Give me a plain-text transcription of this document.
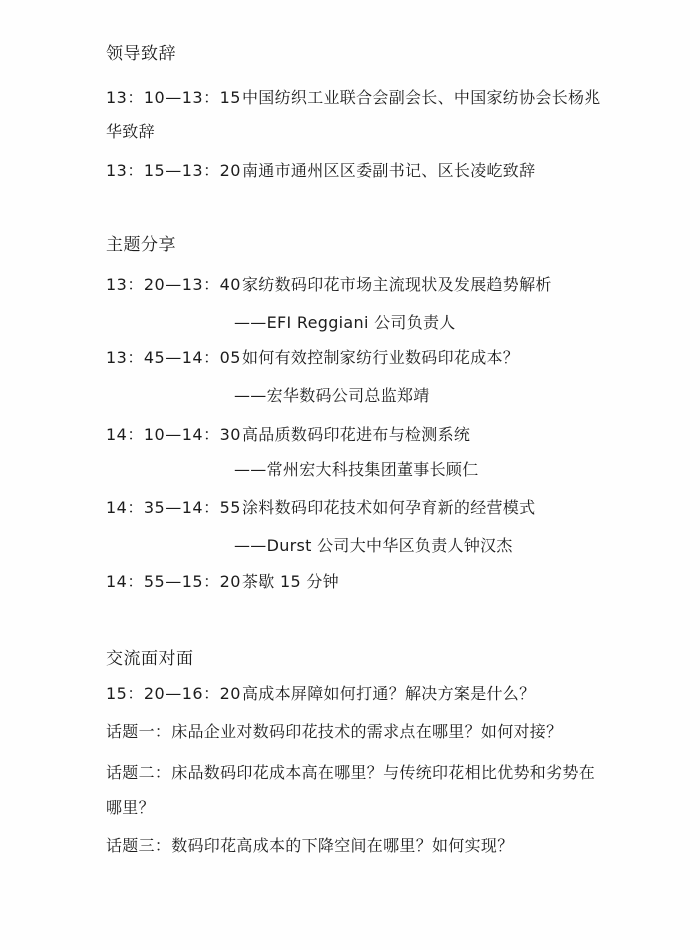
领导致辞
13：10—13：15中国纺织工业联合会副会长、中国家纺协会长杨兆
华致辞
13：15—13：20南通市通州区区委副书记、区长凌屹致辞
主题分享
13：20—13：40家纺数码印花市场主流现状及发展趋势解析
——EFI Reggiani 公司负责人
13：45—14：05如何有效控制家纺行业数码印花成本？
——宏华数码公司总监郑靖
14：10—14：30高品质数码印花进布与检测系统
——常州宏大科技集团董事长顾仁
14：35—14：55涂料数码印花技术如何孕育新的经营模式
——Durst 公司大中华区负责人钟汉杰
14：55—15：20茶歇 15 分钟
交流面对面
15：20—16：20高成本屏障如何打通？解决方案是什么？
话题一：床品企业对数码印花技术的需求点在哪里？如何对接？
话题二：床品数码印花成本高在哪里？与传统印花相比优势和劣势在
哪里？
话题三：数码印花高成本的下降空间在哪里？如何实现？
